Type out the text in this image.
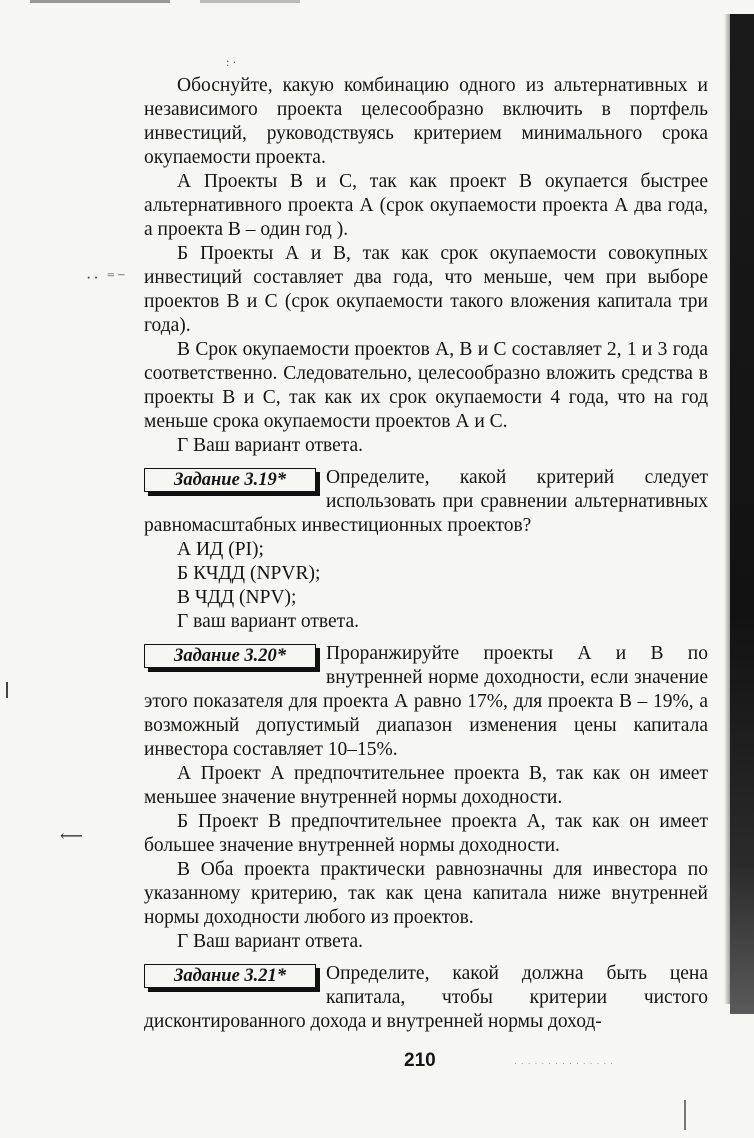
: ·
·· ⁼⁻
⟵

Обоснуйте, какую комбинацию одного из альтернативных и независимого проекта целесообразно включить в портфель инвестиций, руководствуясь критерием минимального срока окупаемости проекта.

А Проекты В и С, так как проект В окупается быстрее альтернативного проекта А (срок окупаемости проекта А два года, а проекта В – один год ).

Б Проекты А и В, так как срок окупаемости совокупных инвестиций составляет два года, что меньше, чем при выборе проектов В и С (срок окупаемости такого вложения капитала три года).

В Срок окупаемости проектов А, В и С составляет 2, 1 и 3 года соответственно. Следовательно, целесообразно вложить средства в проекты В и С, так как их срок окупаемости 4 года, что на год меньше срока окупаемости проектов А и С.

Г Ваш вариант ответа.

Задание 3.19*	Определите, какой критерий следует использовать при сравнении альтернативных равномасштабных инвестиционных проектов?

А ИД (PI);

Б КЧДД (NPVR);

В ЧДД (NPV);

Г ваш вариант ответа.

Задание 3.20*	Проранжируйте проекты А и В по внутренней норме доходности, если значение этого показателя для проекта А равно 17%, для проекта В – 19%, а возможный допустимый диапазон изменения цены капитала инвестора составляет 10–15%.

А Проект А предпочтительнее проекта В, так как он имеет меньшее значение внутренней нормы доходности.

Б Проект В предпочтительнее проекта А, так как он имеет большее значение внутренней нормы доходности.

В Оба проекта практически равнозначны для инвестора по указанному критерию, так как цена капитала ниже внутренней нормы доходности любого из проектов.

Г Ваш вариант ответа.

Задание 3.21*	Определите, какой должна быть цена капитала, чтобы критерии чистого дисконтированного дохода и внутренней нормы доход-

210	· · · · · · · · · · · · · · ·
